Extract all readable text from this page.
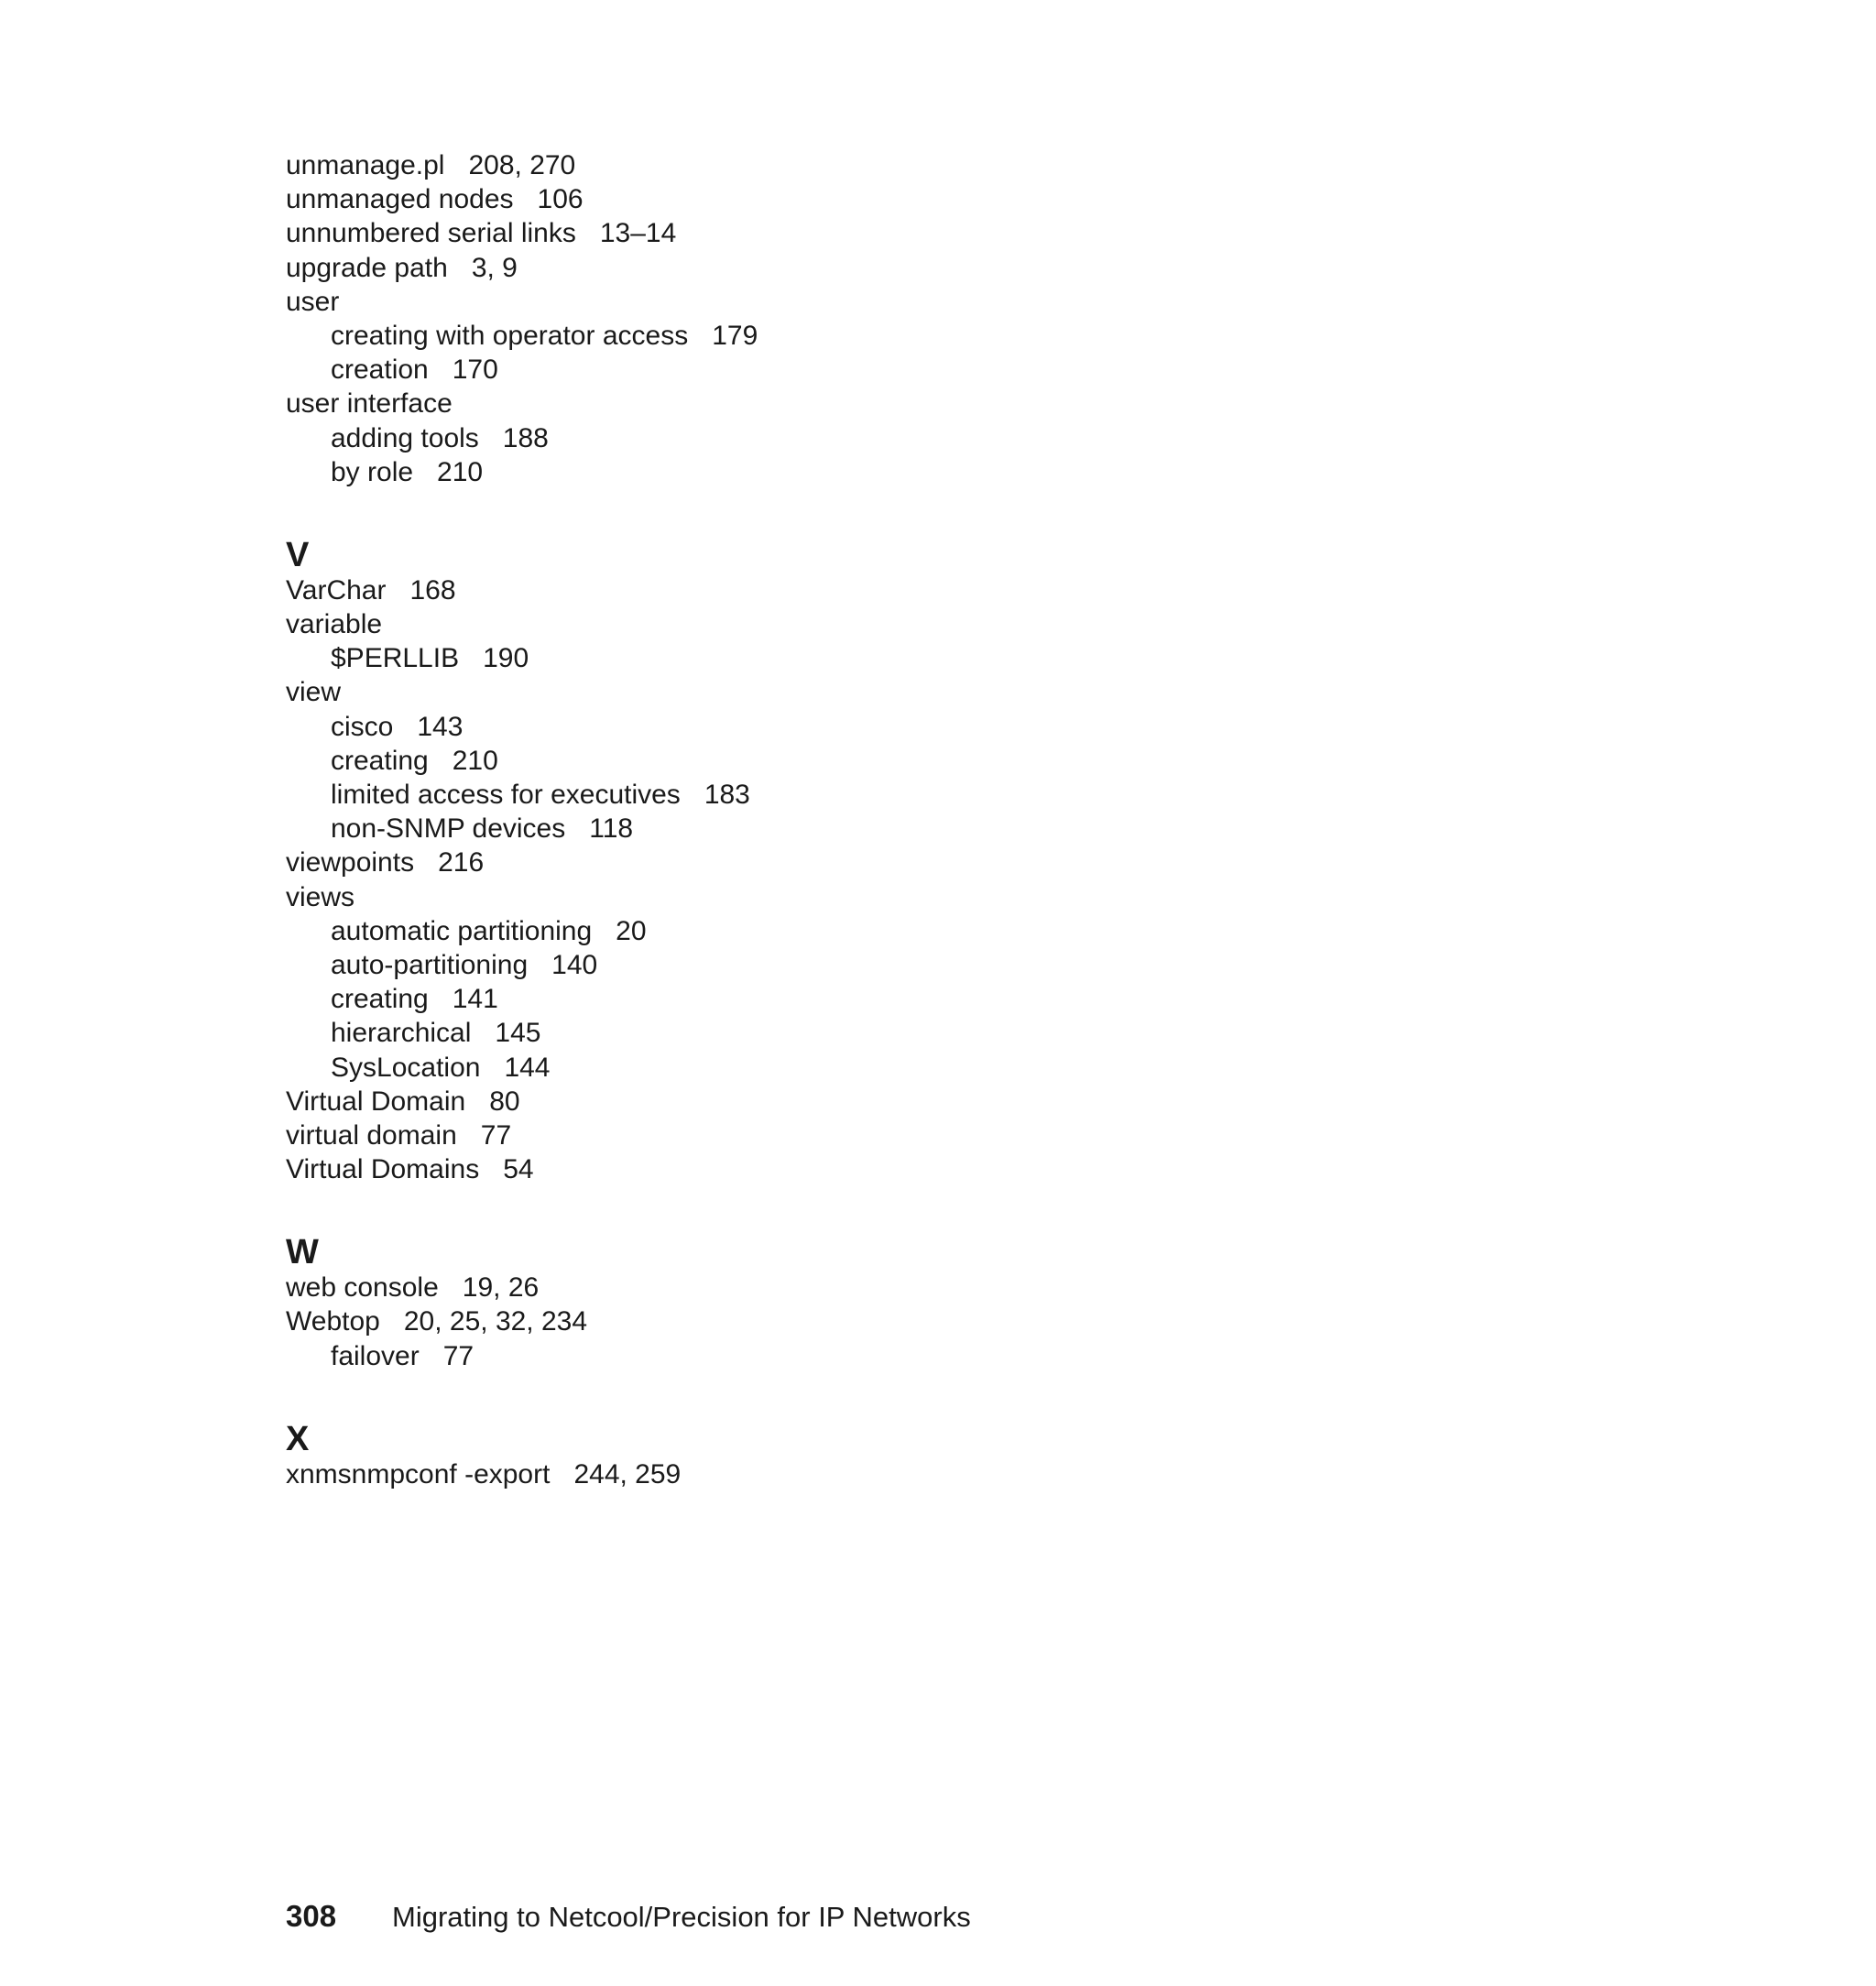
unmanage.pl 208, 270
unmanaged nodes 106
unnumbered serial links 13–14
upgrade path 3, 9
user
creating with operator access 179
creation 170
user interface
adding tools 188
by role 210
V
VarChar 168
variable
$PERLLIB 190
view
cisco 143
creating 210
limited access for executives 183
non-SNMP devices 118
viewpoints 216
views
automatic partitioning 20
auto-partitioning 140
creating 141
hierarchical 145
SysLocation 144
Virtual Domain 80
virtual domain 77
Virtual Domains 54
W
web console 19, 26
Webtop 20, 25, 32, 234
failover 77
X
xnmsnmpconf -export 244, 259
308 Migrating to Netcool/Precision for IP Networks
